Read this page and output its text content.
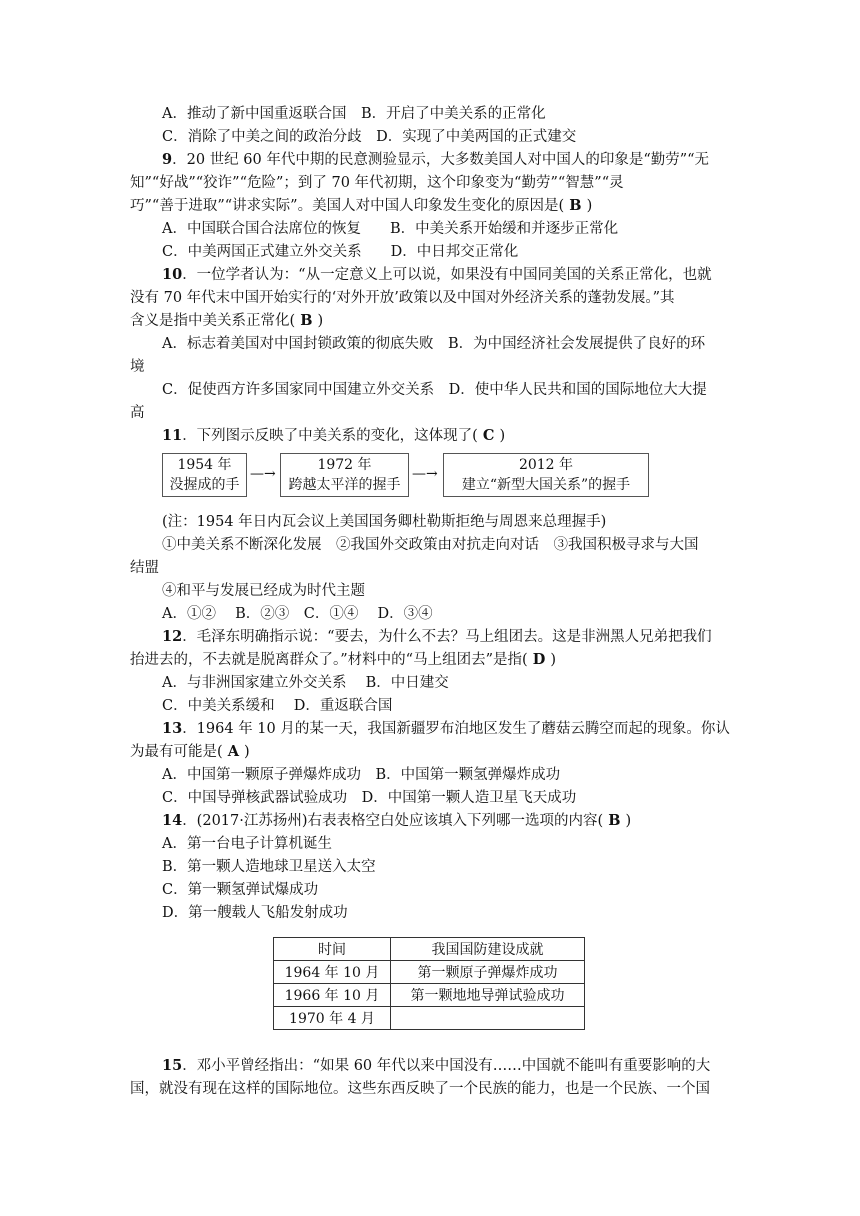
A．推动了新中国重返联合国　B．开启了中美关系的正常化
C．消除了中美之间的政治分歧　D．实现了中美两国的正式建交
9．20 世纪 60 年代中期的民意测验显示，大多数美国人对中国人的印象是“勤劳”“无
知”“好战”“狡诈”“危险”；到了 70 年代初期，这个印象变为“勤劳”“智慧”“灵
巧”“善于进取”“讲求实际”。美国人对中国人印象发生变化的原因是( B )
A．中国联合国合法席位的恢复　　B．中美关系开始缓和并逐步正常化
C．中美两国正式建立外交关系　　D．中日邦交正常化
10．一位学者认为：“从一定意义上可以说，如果没有中国同美国的关系正常化，也就
没有 70 年代末中国开始实行的‘对外开放’政策以及中国对外经济关系的蓬勃发展。”其
含义是指中美关系正常化( B )
A．标志着美国对中国封锁政策的彻底失败　B．为中国经济社会发展提供了良好的环
境
C．促使西方许多国家同中国建立外交关系　D．使中华人民共和国的国际地位大大提
高
11．下列图示反映了中美关系的变化，这体现了( C )
1954 年
没握成的手
—→
1972 年
跨越太平洋的握手
—→
2012 年
建立“新型大国关系”的握手
(注：1954 年日内瓦会议上美国国务卿杜勒斯拒绝与周恩来总理握手)
①中美关系不断深化发展　②我国外交政策由对抗走向对话　③我国积极寻求与大国
结盟
④和平与发展已经成为时代主题
A．①②　 B．②③　C．①④　 D．③④
12．毛泽东明确指示说：“要去，为什么不去？马上组团去。这是非洲黑人兄弟把我们
抬进去的，不去就是脱离群众了。”材料中的“马上组团去”是指( D )
A．与非洲国家建立外交关系　 B．中日建交
C．中美关系缓和　 D．重返联合国
13．1964 年 10 月的某一天，我国新疆罗布泊地区发生了蘑菇云腾空而起的现象。你认
为最有可能是( A )
A．中国第一颗原子弹爆炸成功　B．中国第一颗氢弹爆炸成功
C．中国导弹核武器试验成功　D．中国第一颗人造卫星飞天成功
14．(2017·江苏扬州)右表表格空白处应该填入下列哪一选项的内容( B )
A．第一台电子计算机诞生
B．第一颗人造地球卫星送入太空
C．第一颗氢弹试爆成功
D．第一艘载人飞船发射成功
时间	我国国防建设成就
1964 年 10 月	第一颗原子弹爆炸成功
1966 年 10 月	第一颗地地导弹试验成功
1970 年 4 月	
15．邓小平曾经指出：“如果 60 年代以来中国没有……中国就不能叫有重要影响的大
国，就没有现在这样的国际地位。这些东西反映了一个民族的能力，也是一个民族、一个国
